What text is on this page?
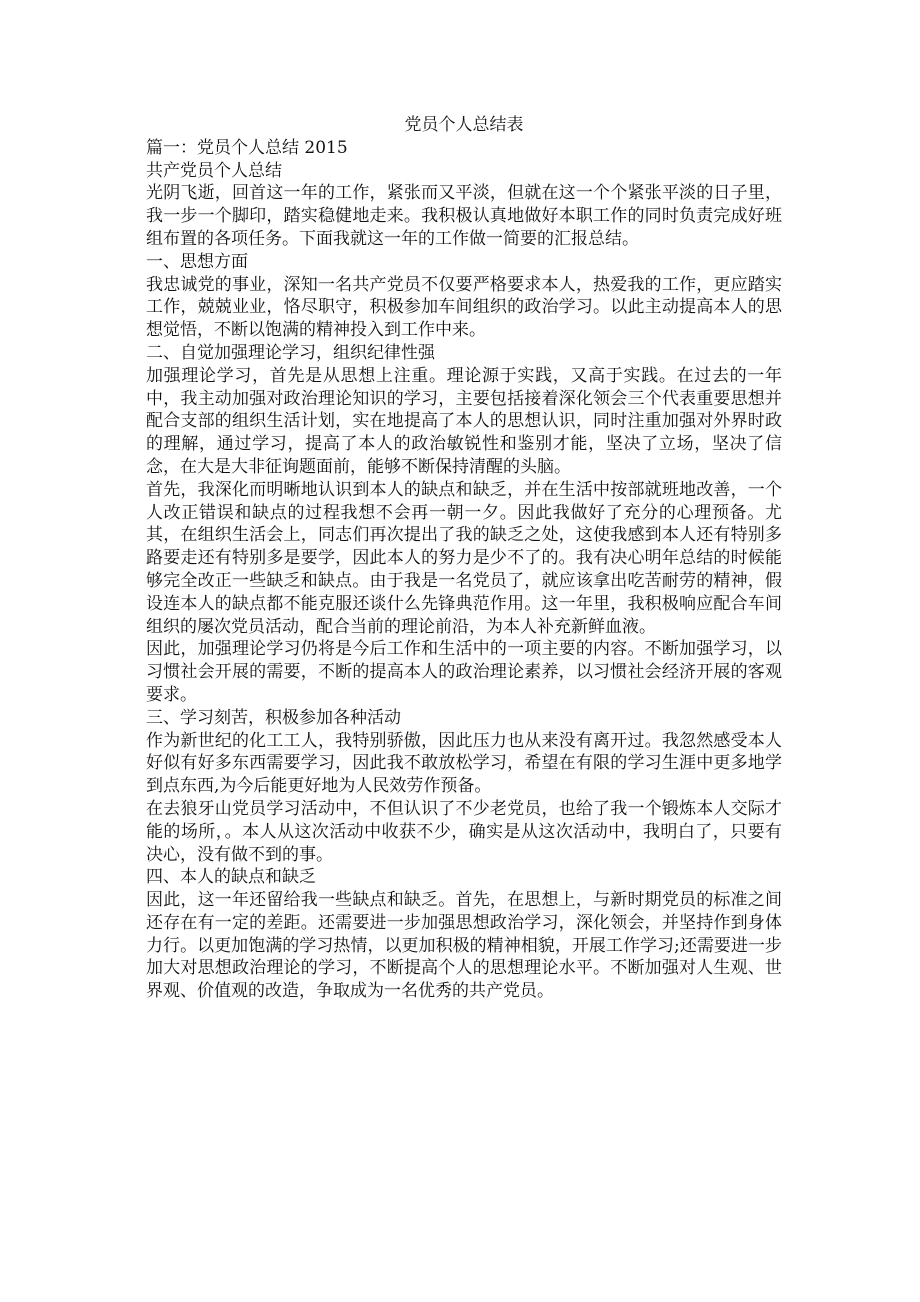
党员个人总结表

篇一：党员个人总结 2015

共产党员个人总结

光阴飞逝，回首这一年的工作，紧张而又平淡，但就在这一个个紧张平淡的日子里，我一步一个脚印，踏实稳健地走来。我积极认真地做好本职工作的同时负责完成好班组布置的各项任务。下面我就这一年的工作做一简要的汇报总结。

一、思想方面

我忠诚党的事业，深知一名共产党员不仅要严格要求本人，热爱我的工作，更应踏实工作，兢兢业业，恪尽职守，积极参加车间组织的政治学习。以此主动提高本人的思想觉悟，不断以饱满的精神投入到工作中来。

二、自觉加强理论学习，组织纪律性强

加强理论学习，首先是从思想上注重。理论源于实践，又高于实践。在过去的一年中，我主动加强对政治理论知识的学习，主要包括接着深化领会三个代表重要思想并配合支部的组织生活计划，实在地提高了本人的思想认识，同时注重加强对外界时政的理解，通过学习，提高了本人的政治敏锐性和鉴别才能，坚决了立场，坚决了信念，在大是大非征询题面前，能够不断保持清醒的头脑。

首先，我深化而明晰地认识到本人的缺点和缺乏，并在生活中按部就班地改善，一个人改正错误和缺点的过程我想不会再一朝一夕。因此我做好了充分的心理预备。尤其，在组织生活会上，同志们再次提出了我的缺乏之处，这使我感到本人还有特别多路要走还有特别多是要学，因此本人的努力是少不了的。我有决心明年总结的时候能够完全改正一些缺乏和缺点。由于我是一名党员了，就应该拿出吃苦耐劳的精神，假设连本人的缺点都不能克服还谈什么先锋典范作用。这一年里，我积极响应配合车间组织的屡次党员活动，配合当前的理论前沿，为本人补充新鲜血液。

因此，加强理论学习仍将是今后工作和生活中的一项主要的内容。不断加强学习，以习惯社会开展的需要，不断的提高本人的政治理论素养，以习惯社会经济开展的客观要求。

三、学习刻苦，积极参加各种活动

作为新世纪的化工工人，我特别骄傲，因此压力也从来没有离开过。我忽然感受本人好似有好多东西需要学习，因此我不敢放松学习，希望在有限的学习生涯中更多地学到点东西,为今后能更好地为人民效劳作预备。

在去狼牙山党员学习活动中，不但认识了不少老党员，也给了我一个锻炼本人交际才能的场所，。本人从这次活动中收获不少，确实是从这次活动中，我明白了，只要有决心，没有做不到的事。

四、本人的缺点和缺乏

因此，这一年还留给我一些缺点和缺乏。首先，在思想上，与新时期党员的标准之间还存在有一定的差距。还需要进一步加强思想政治学习，深化领会，并坚持作到身体力行。以更加饱满的学习热情，以更加积极的精神相貌，开展工作学习;还需要进一步加大对思想政治理论的学习，不断提高个人的思想理论水平。不断加强对人生观、世界观、价值观的改造，争取成为一名优秀的共产党员。
